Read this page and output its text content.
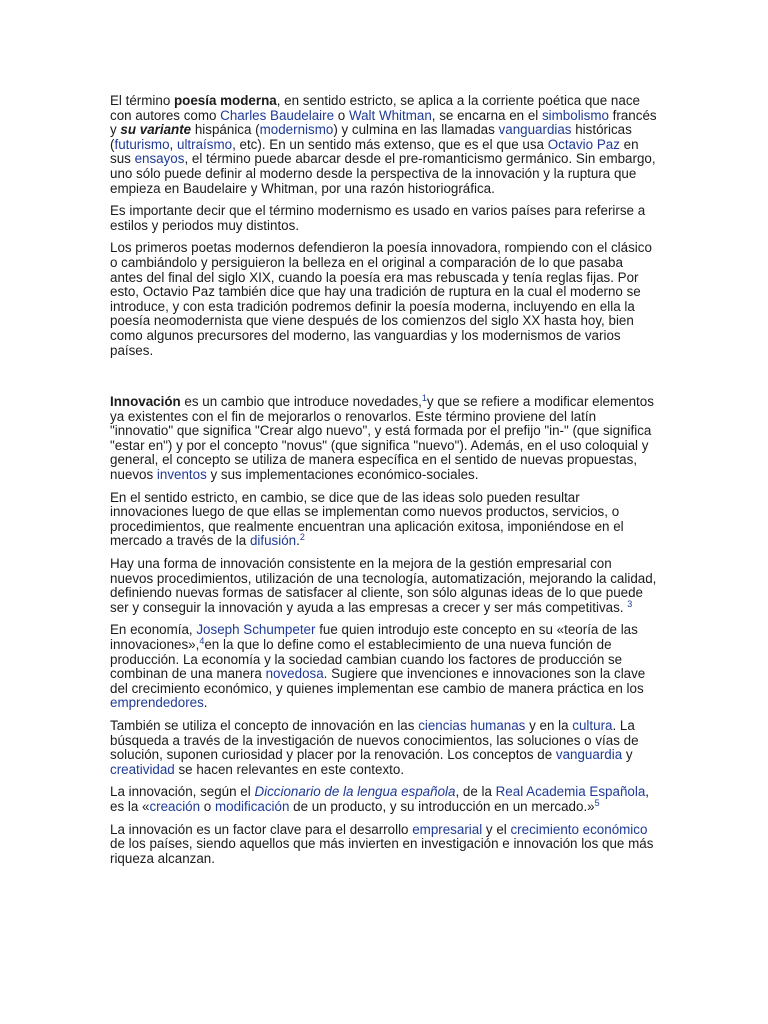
El término poesía moderna, en sentido estricto, se aplica a la corriente poética que nace con autores como Charles Baudelaire o Walt Whitman, se encarna en el simbolismo francés y su variante hispánica (modernismo) y culmina en las llamadas vanguardias históricas (futurismo, ultraísmo, etc). En un sentido más extenso, que es el que usa Octavio Paz en sus ensayos, el término puede abarcar desde el pre-romanticismo germánico. Sin embargo, uno sólo puede definir al moderno desde la perspectiva de la innovación y la ruptura que empieza en Baudelaire y Whitman, por una razón historiográfica.

Es importante decir que el término modernismo es usado en varios países para referirse a estilos y periodos muy distintos.

Los primeros poetas modernos defendieron la poesía innovadora, rompiendo con el clásico o cambiándolo y persiguieron la belleza en el original a comparación de lo que pasaba antes del final del siglo XIX, cuando la poesía era mas rebuscada y tenía reglas fijas. Por esto, Octavio Paz también dice que hay una tradición de ruptura en la cual el moderno se introduce, y con esta tradición podremos definir la poesía moderna, incluyendo en ella la poesía neomodernista que viene después de los comienzos del siglo XX hasta hoy, bien como algunos precursores del moderno, las vanguardias y los modernismos de varios países.

Innovación es un cambio que introduce novedades,$^1$y que se refiere a modificar elementos ya existentes con el fin de mejorarlos o renovarlos. Este término proviene del latín "innovatio" que significa "Crear algo nuevo", y está formada por el prefijo "in-" (que significa "estar en") y por el concepto "novus" (que significa "nuevo"). Además, en el uso coloquial y general, el concepto se utiliza de manera específica en el sentido de nuevas propuestas, nuevos inventos y sus implementaciones económico-sociales.

En el sentido estricto, en cambio, se dice que de las ideas solo pueden resultar innovaciones luego de que ellas se implementan como nuevos productos, servicios, o procedimientos, que realmente encuentran una aplicación exitosa, imponiéndose en el mercado a través de la difusión.$^2$

Hay una forma de innovación consistente en la mejora de la gestión empresarial con nuevos procedimientos, utilización de una tecnología, automatización, mejorando la calidad, definiendo nuevas formas de satisfacer al cliente, son sólo algunas ideas de lo que puede ser y conseguir la innovación y ayuda a las empresas a crecer y ser más competitivas. $^3$

En economía, Joseph Schumpeter fue quien introdujo este concepto en su «teoría de las innovaciones»,$^4$en la que lo define como el establecimiento de una nueva función de producción. La economía y la sociedad cambian cuando los factores de producción se combinan de una manera novedosa. Sugiere que invenciones e innovaciones son la clave del crecimiento económico, y quienes implementan ese cambio de manera práctica en los emprendedores.

También se utiliza el concepto de innovación en las ciencias humanas y en la cultura. La búsqueda a través de la investigación de nuevos conocimientos, las soluciones o vías de solución, suponen curiosidad y placer por la renovación. Los conceptos de vanguardia y creatividad se hacen relevantes en este contexto.

La innovación, según el Diccionario de la lengua española, de la Real Academia Española, es la «creación o modificación de un producto, y su introducción en un mercado.»$^5$

La innovación es un factor clave para el desarrollo empresarial y el crecimiento económico de los países, siendo aquellos que más invierten en investigación e innovación los que más riqueza alcanzan.
